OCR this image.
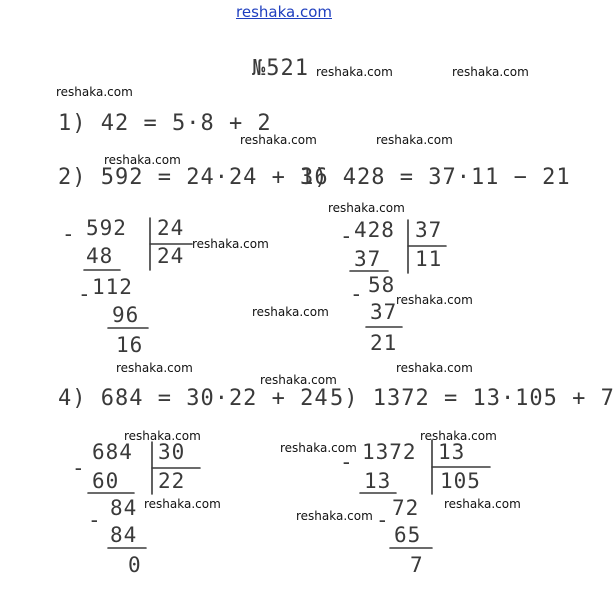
reshaka.com
№521
1) 42 = 5·8 + 2
2) 592 = 24·24 + 16
3) 428 = 37·11 − 21
4) 684 = 30·22 + 24 5) 1372 = 13·105 + 7
- 592 24
24
48
- 112
96
16
- 428 37
11
37
- 58
37
21
-
684 30
22
60
- 84
84
0
- 1372 13
105
13
- 72
65
7
reshaka.com	reshaka.com
reshaka.com
reshaka.com	reshaka.com
reshaka.com
reshaka.com
reshaka.com
reshaka.com
reshaka.com
reshaka.com	reshaka.com
reshaka.com
reshaka.com	reshaka.com
reshaka.com
reshaka.com	reshaka.com
reshaka.com
